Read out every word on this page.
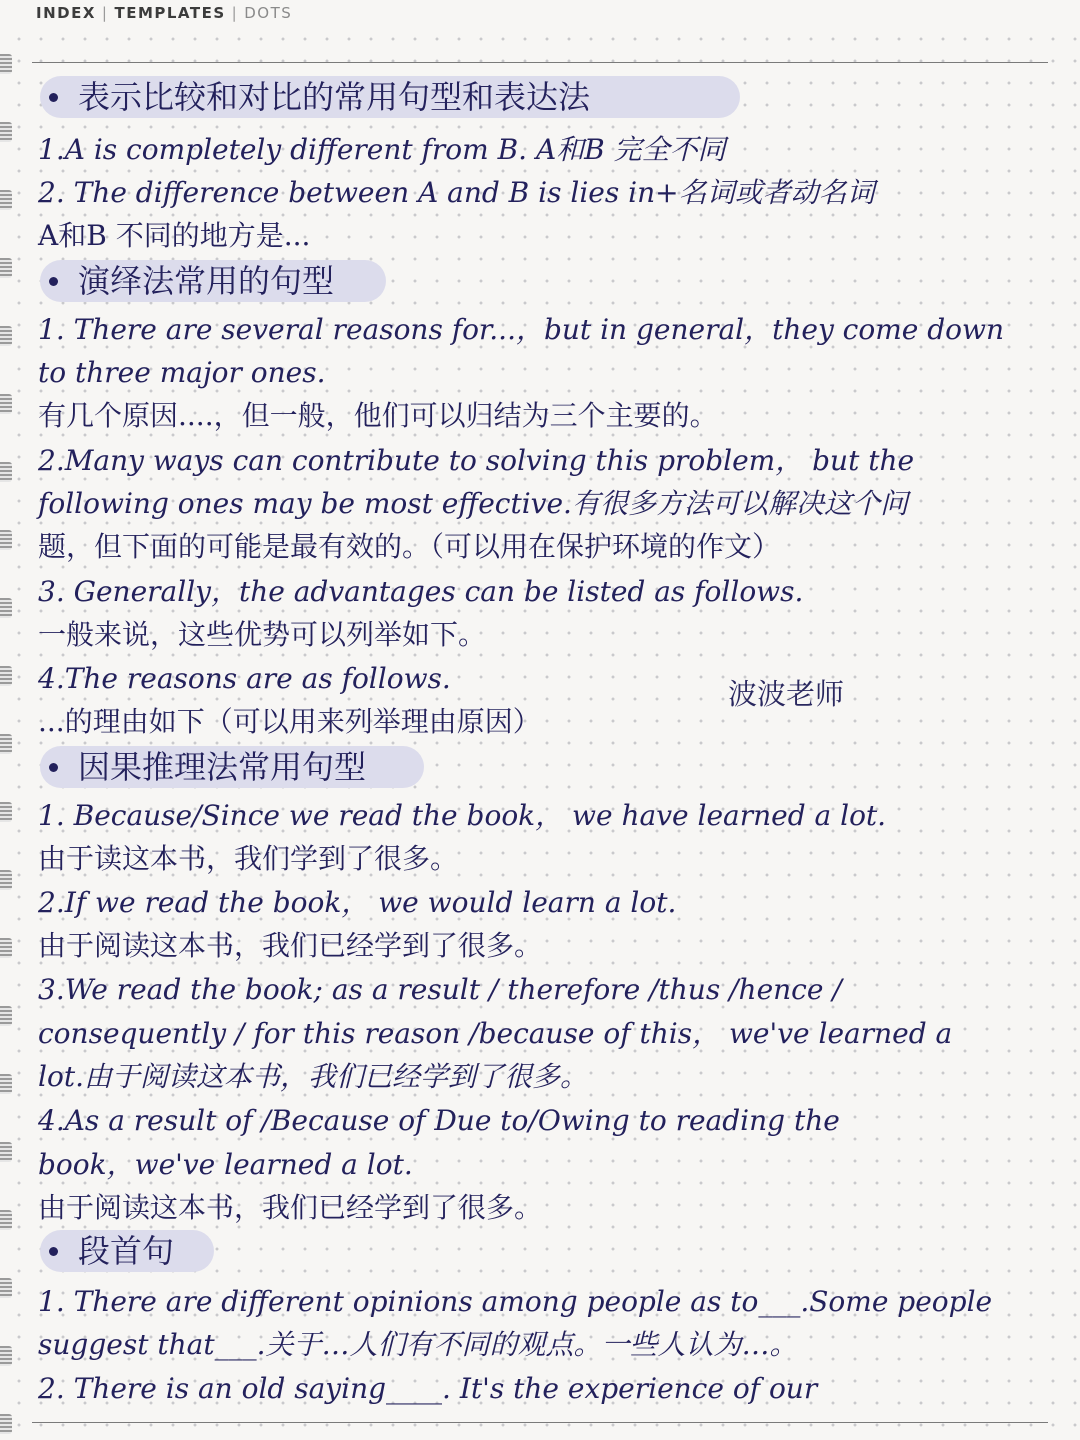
INDEX | TEMPLATES | DOTS
表示比较和对比的常用句型和表达法
演绎法常用的句型
因果推理法常用句型
段首句
1.A is completely different from B. A和B 完全不同
2. The difference between A and B is lies in+名词或者动名词
A和B 不同的地方是...
1. There are several reasons for...，but in general，they come down
to three major ones.
有几个原因....，但一般，他们可以归结为三个主要的。
2.Many ways can contribute to solving this problem， but the
following ones may be most effective.有很多方法可以解决这个问
题，但下面的可能是最有效的。（可以用在保护环境的作文）
3. Generally，the advantages can be listed as follows.
一般来说，这些优势可以列举如下。
4.The reasons are as follows.
...的理由如下（可以用来列举理由原因）
1. Because/Since we read the book， we have learned a lot.
由于读这本书，我们学到了很多。
2.If we read the book， we would learn a lot.
由于阅读这本书，我们已经学到了很多。
3.We read the book; as a result / therefore /thus /hence /
consequently / for this reason /because of this， we've learned a
lot.由于阅读这本书，我们已经学到了很多。
4.As a result of /Because of Due to/Owing to reading the
book，we've learned a lot.
由于阅读这本书，我们已经学到了很多。
1. There are different opinions among people as to___.Some people
suggest that___.关于…人们有不同的观点。一些人认为…。
2. There is an old saying____. It's the experience of our
波波老师
